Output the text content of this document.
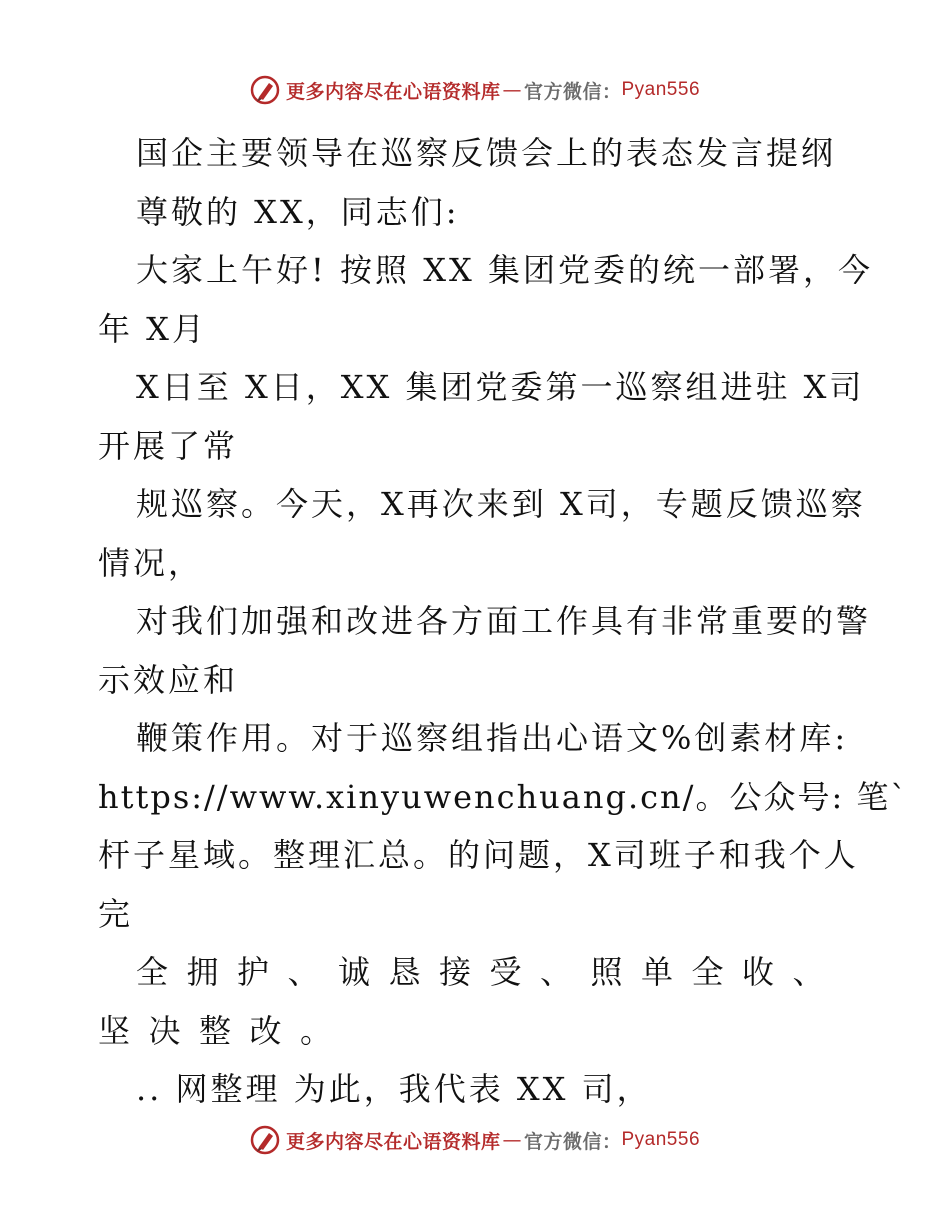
更多内容尽在心语资料库 — 官方微信： Pyan556
国企主要领导在巡察反馈会上的表态发言提纲
尊敬的 XX，同志们:
大家上午好! 按照 XX 集团党委的统一部署，今
年 X月
X日至 X日，XX 集团党委第一巡察组进驻 X司
开展了常
规巡察。今天，X再次来到 X司，专题反馈巡察
情况，
对我们加强和改进各方面工作具有非常重要的警
示效应和
鞭策作用。对于巡察组指出心语文%创素材库:
https://www.xinyuwenchuang.cn/。公众号: 笔`
杆子星域。整理汇总。的问题，X司班子和我个人
完
全拥护、诚恳接受、照单全收、
坚决整改。
.. 网整理 为此，我代表 XX 司，
更多内容尽在心语资料库 — 官方微信： Pyan556
